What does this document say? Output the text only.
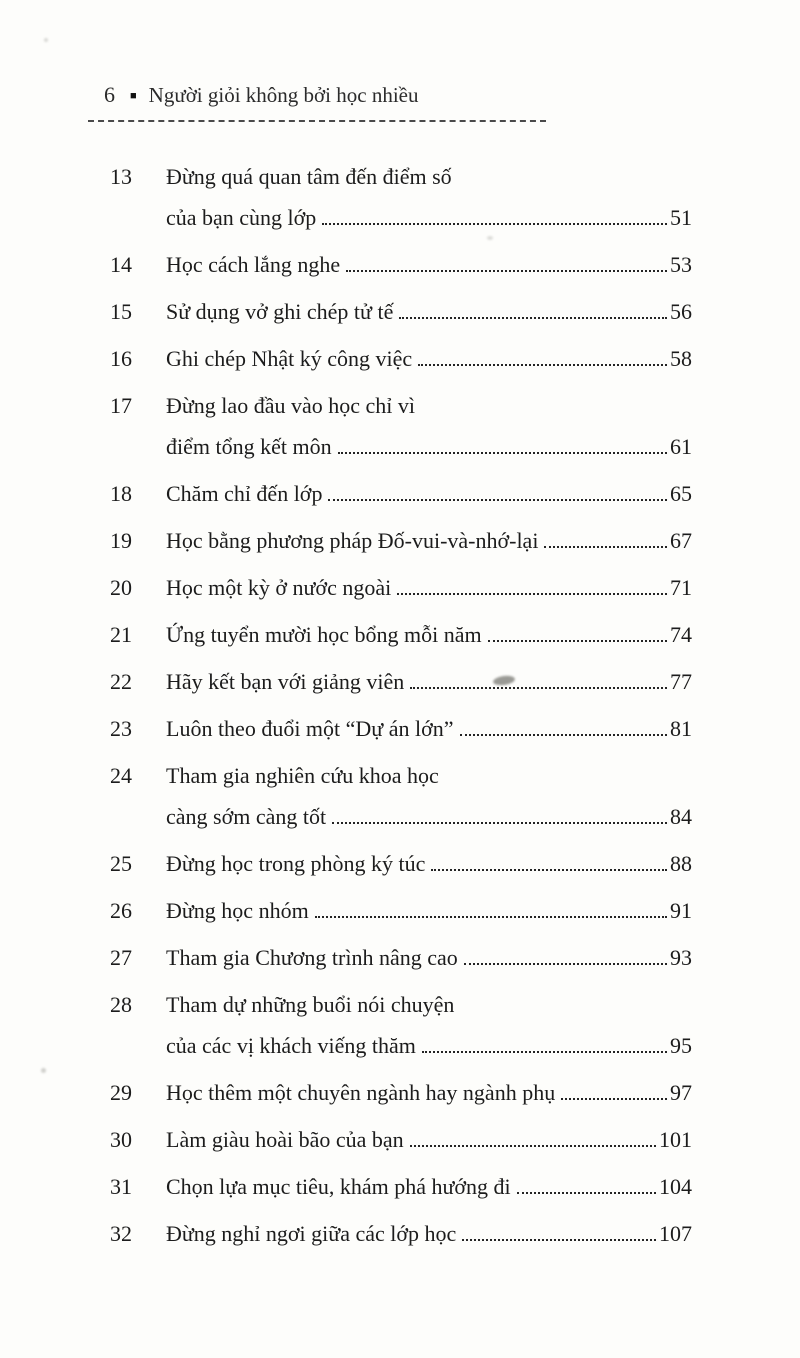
6 ■ Người giỏi không bởi học nhiều
13	Đừng quá quan tâm đến điểm số
của bạn cùng lớp	51
14	Học cách lắng nghe	53
15	Sử dụng vở ghi chép tử tế	56
16	Ghi chép Nhật ký công việc	58
17	Đừng lao đầu vào học chỉ vì
điểm tổng kết môn	61
18	Chăm chỉ đến lớp	65
19	Học bằng phương pháp Đố-vui-và-nhớ-lại	67
20	Học một kỳ ở nước ngoài	71
21	Ứng tuyển mười học bổng mỗi năm	74
22	Hãy kết bạn với giảng viên	77
23	Luôn theo đuổi một “Dự án lớn”	81
24	Tham gia nghiên cứu khoa học
càng sớm càng tốt	84
25	Đừng học trong phòng ký túc	88
26	Đừng học nhóm	91
27	Tham gia Chương trình nâng cao	93
28	Tham dự những buổi nói chuyện
của các vị khách viếng thăm	95
29	Học thêm một chuyên ngành hay ngành phụ	97
30	Làm giàu hoài bão của bạn	101
31	Chọn lựa mục tiêu, khám phá hướng đi	104
32	Đừng nghỉ ngơi giữa các lớp học	107
